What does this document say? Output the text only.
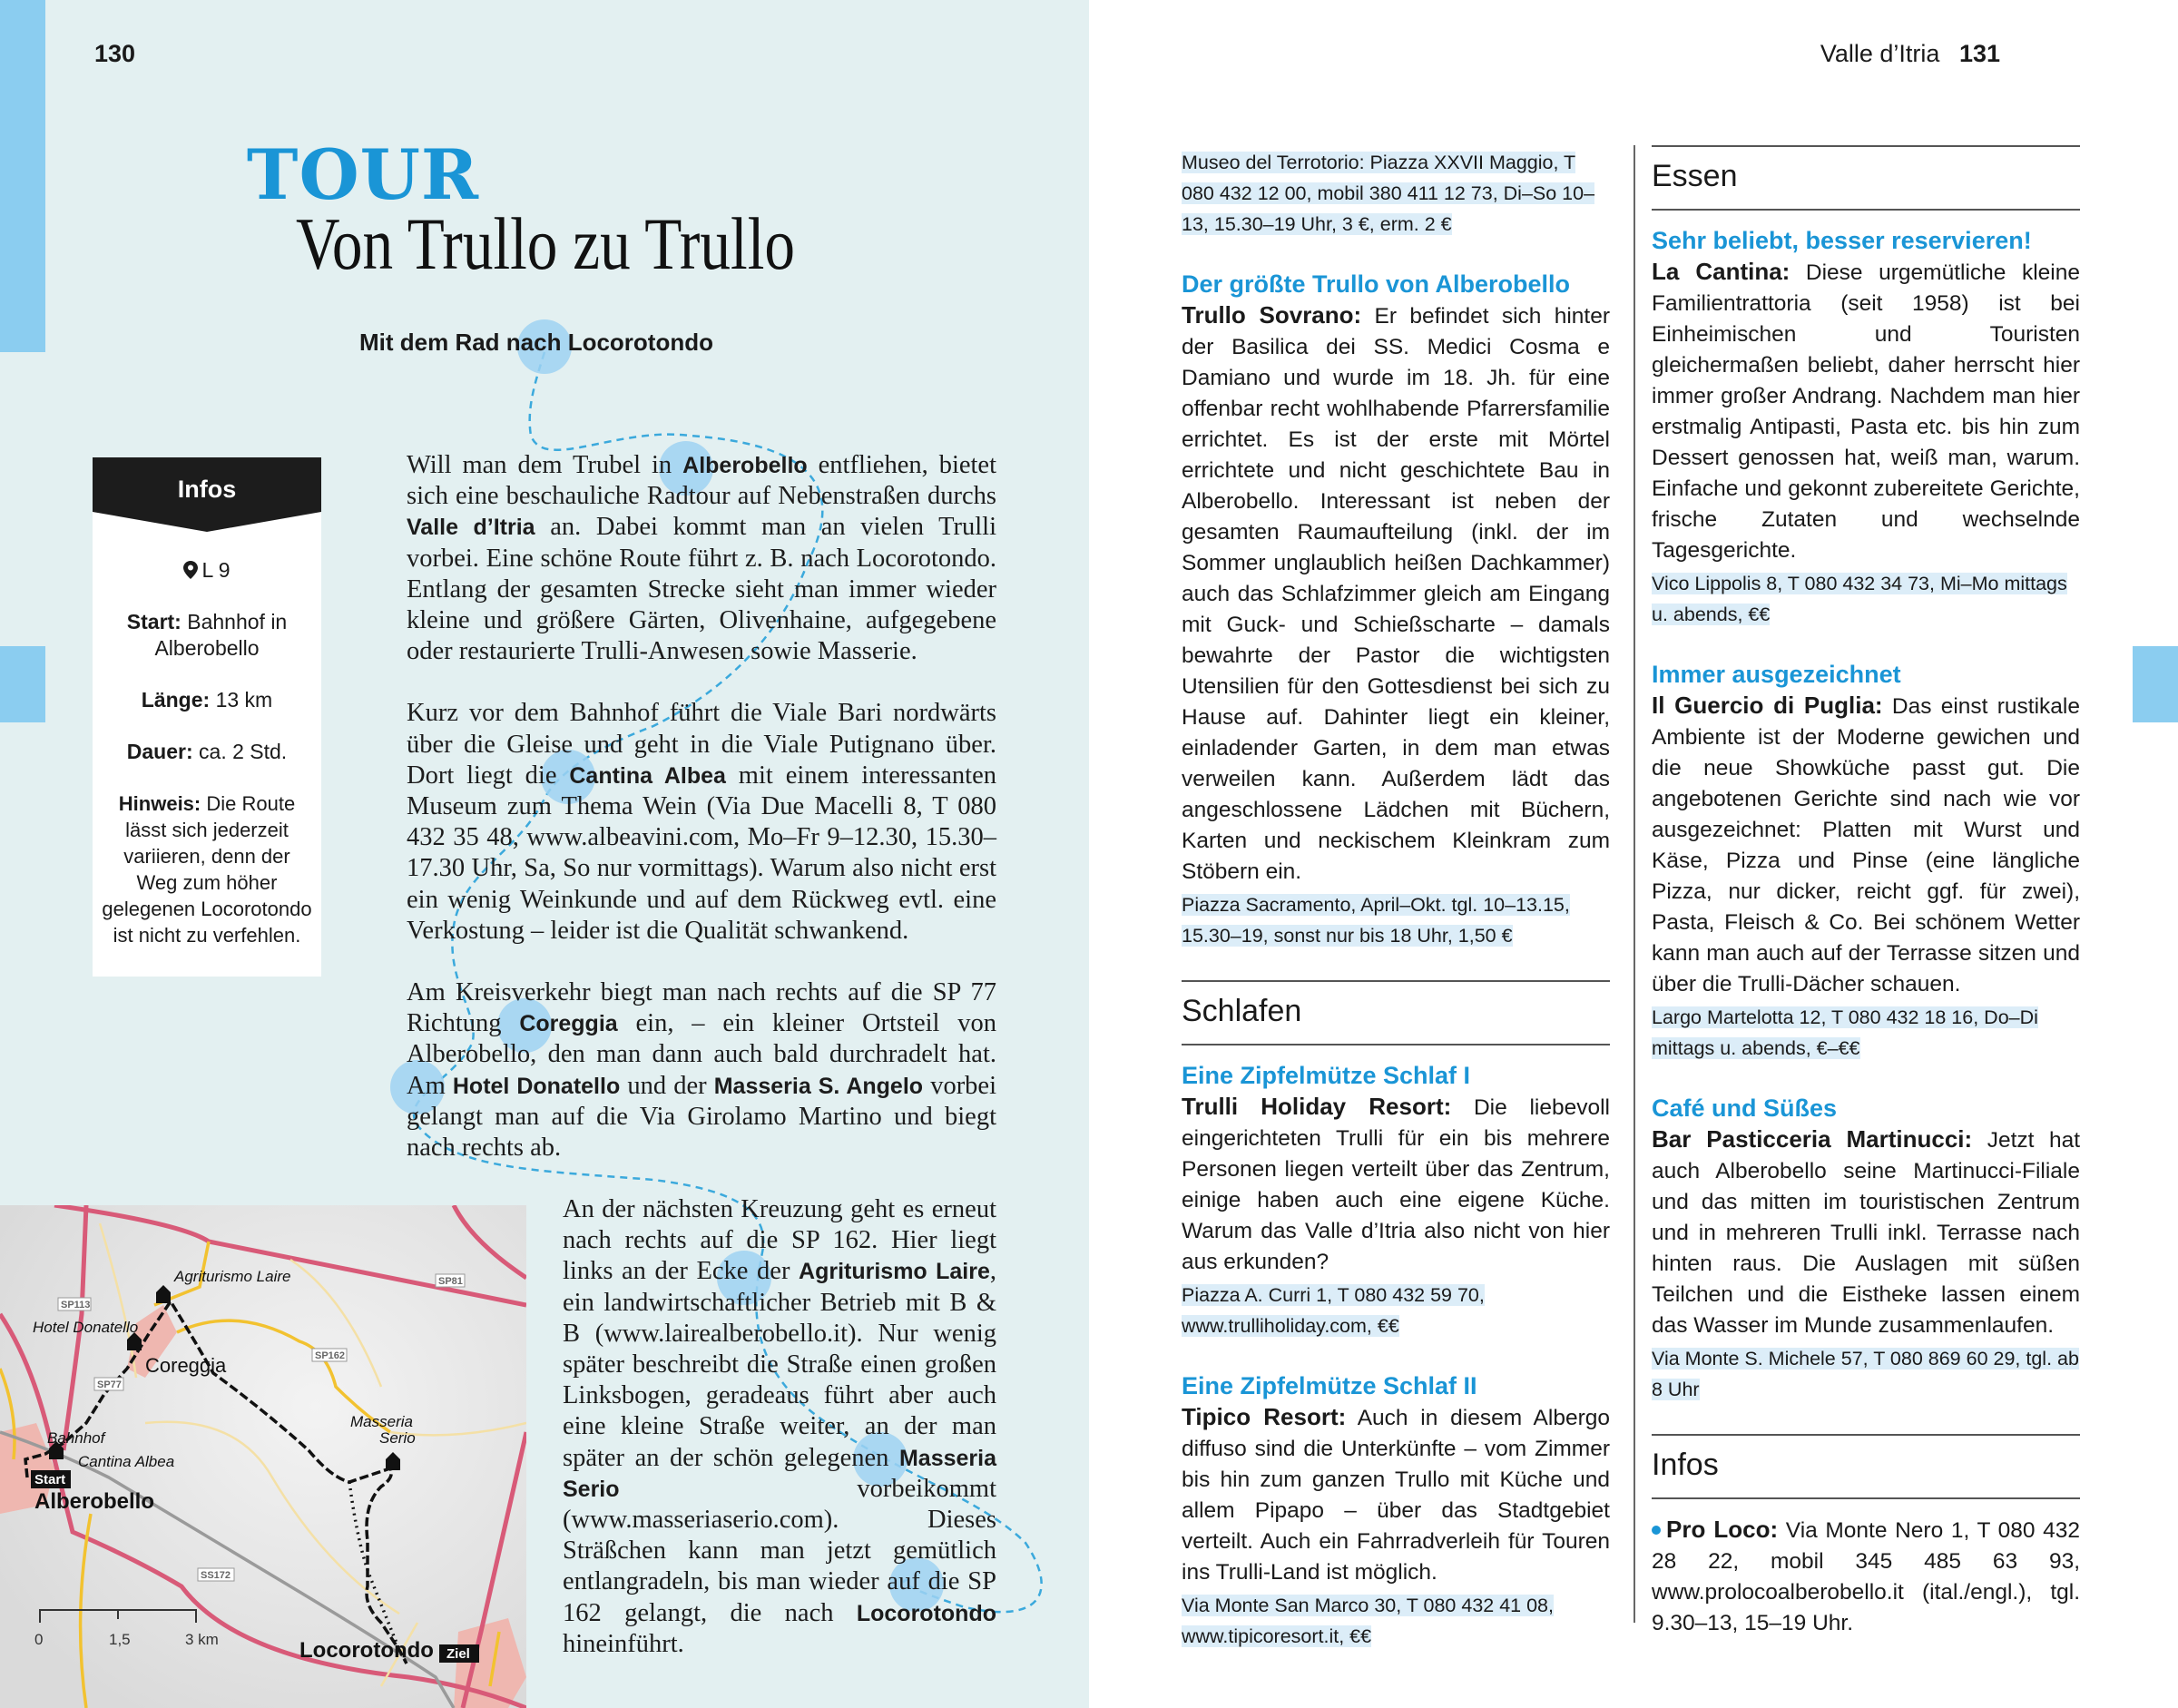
130
TOUR
Von Trullo zu Trullo
Mit dem Rad nach Locorotondo
Infos

L 9

Start: Bahnhof in Alberobello

Länge: 13 km

Dauer: ca. 2 Std.

Hinweis: Die Route lässt sich jederzeit variieren, denn der Weg zum höher gelegenen Locorotondo ist nicht zu verfehlen.

Will man dem Trubel in Alberobello entfliehen, bietet sich eine beschauliche Radtour auf Nebenstraßen durchs Valle d’Itria an. Dabei kommt man an vielen Trulli vorbei. Eine schöne Route führt z. B. nach Locorotondo. Entlang der gesamten Strecke sieht man immer wieder kleine und größere Gärten, Olivenhaine, aufgegebene oder restaurierte Trulli-Anwesen sowie Masserie.

Kurz vor dem Bahnhof führt die Viale Bari nordwärts über die Gleise und geht in die Viale Putignano über. Dort liegt die Cantina Albea mit einem interessanten Museum zum Thema Wein (Via Due Macelli 8, T 080 432 35 48, www.albeavini.com, Mo–Fr 9–12.30, 15.30–17.30 Uhr, Sa, So nur vormittags). Warum also nicht erst ein wenig Weinkunde und auf dem Rückweg evtl. eine Verkostung – leider ist die Qualität schwankend.

Am Kreisverkehr biegt man nach rechts auf die SP 77 Richtung Coreggia ein, – ein kleiner Ortsteil von Alberobello, den man dann auch bald durchradelt hat. Am Hotel Donatello und der Masseria S. Angelo vorbei gelangt man auf die Via Girolamo Martino und biegt nach rechts ab.

An der nächsten Kreuzung geht es erneut nach rechts auf die SP 162. Hier liegt links an der Ecke der Agriturismo Laire, ein landwirtschaftlicher Betrieb mit B & B (www.lairealberobello.it). Nur wenig später beschreibt die Straße einen großen Linksbogen, geradeaus führt aber auch eine kleine Straße weiter, an der man später an der schön gelegenen Masseria Serio vorbeikommt (www.masseriaserio.com). Dieses Sträßchen kann man jetzt gemütlich entlangradeln, bis man wieder auf die SP 162 gelangt, die nach Locorotondo hineinführt.

SP113
SP81
SP162
SP77
SS172
Agriturismo Laire
Hotel Donatello
Coreggia
Bahnhof
Cantina Albea
Alberobello
Masseria
Locorotondo
Serio
Start
Ziel
0	1,5	3 km
Valle d’Itria 131
Museo del Terrotorio: Piazza XXVII Maggio, T 080 432 12 00, mobil 380 411 12 73, Di–So 10–13, 15.30–19 Uhr, 3 €, erm. 2 €
Der größte Trullo von Alberobello
Trullo Sovrano: Er befindet sich hinter der Basilica dei SS. Medici Cosma e Damiano und wurde im 18. Jh. für eine offenbar recht wohlhabende Pfarrersfamilie errichtet. Es ist der erste mit Mörtel errichtete und nicht geschichtete Bau in Alberobello. Interessant ist neben der gesamten Raumaufteilung (inkl. der im Sommer unglaublich heißen Dachkammer) auch das Schlafzimmer gleich am Eingang mit Guck- und Schießscharte – damals bewahrte der Pastor die wichtigsten Utensilien für den Gottesdienst bei sich zu Hause auf. Dahinter liegt ein kleiner, einladender Garten, in dem man etwas verweilen kann. Außerdem lädt das angeschlossene Lädchen mit Büchern, Karten und neckischem Kleinkram zum Stöbern ein.
Piazza Sacramento, April–Okt. tgl. 10–13.15, 15.30–19, sonst nur bis 18 Uhr, 1,50 €
Schlafen
Eine Zipfelmütze Schlaf I
Trulli Holiday Resort: Die liebevoll eingerichteten Trulli für ein bis mehrere Personen liegen verteilt über das Zentrum, einige haben auch eine eigene Küche. Warum das Valle d’Itria also nicht von hier aus erkunden?
Piazza A. Curri 1, T 080 432 59 70, www.trulliholiday.com, €€
Eine Zipfelmütze Schlaf II
Tipico Resort: Auch in diesem Albergo diffuso sind die Unterkünfte – vom Zimmer bis hin zum ganzen Trullo mit Küche und allem Pipapo – über das Stadtgebiet verteilt. Auch ein Fahrradverleih für Touren ins Trulli-Land ist möglich.
Via Monte San Marco 30, T 080 432 41 08, www.tipicoresort.it, €€
Essen
Sehr beliebt, besser reservieren!
La Cantina: Diese urgemütliche kleine Familientrattoria (seit 1958) ist bei Einheimischen und Touristen gleichermaßen beliebt, daher herrscht hier immer großer Andrang. Nachdem man hier erstmalig Antipasti, Pasta etc. bis hin zum Dessert genossen hat, weiß man, warum. Einfache und gekonnt zubereitete Gerichte, frische Zutaten und wechselnde Tagesgerichte.
Vico Lippolis 8, T 080 432 34 73, Mi–Mo mittags u. abends, €€
Immer ausgezeichnet
Il Guercio di Puglia: Das einst rustikale Ambiente ist der Moderne gewichen und die neue Showküche passt gut. Die angebotenen Gerichte sind nach wie vor ausgezeichnet: Platten mit Wurst und Käse, Pizza und Pinse (eine längliche Pizza, nur dicker, reicht ggf. für zwei), Pasta, Fleisch & Co. Bei schönem Wetter kann man auch auf der Terrasse sitzen und über die Trulli-Dächer schauen.
Largo Martelotta 12, T 080 432 18 16, Do–Di mittags u. abends, €–€€
Café und Süßes
Bar Pasticceria Martinucci: Jetzt hat auch Alberobello seine Martinucci-Filiale und das mitten im touristischen Zentrum und in mehreren Trulli inkl. Terrasse nach hinten raus. Die Auslagen mit süßen Teilchen und die Eistheke lassen einem das Wasser im Munde zusammenlaufen.
Via Monte S. Michele 57, T 080 869 60 29, tgl. ab 8 Uhr
Infos
Pro Loco: Via Monte Nero 1, T 080 432 28 22, mobil 345 485 63 93, www.prolocoalberobello.it (ital./engl.), tgl. 9.30–13, 15–19 Uhr.
